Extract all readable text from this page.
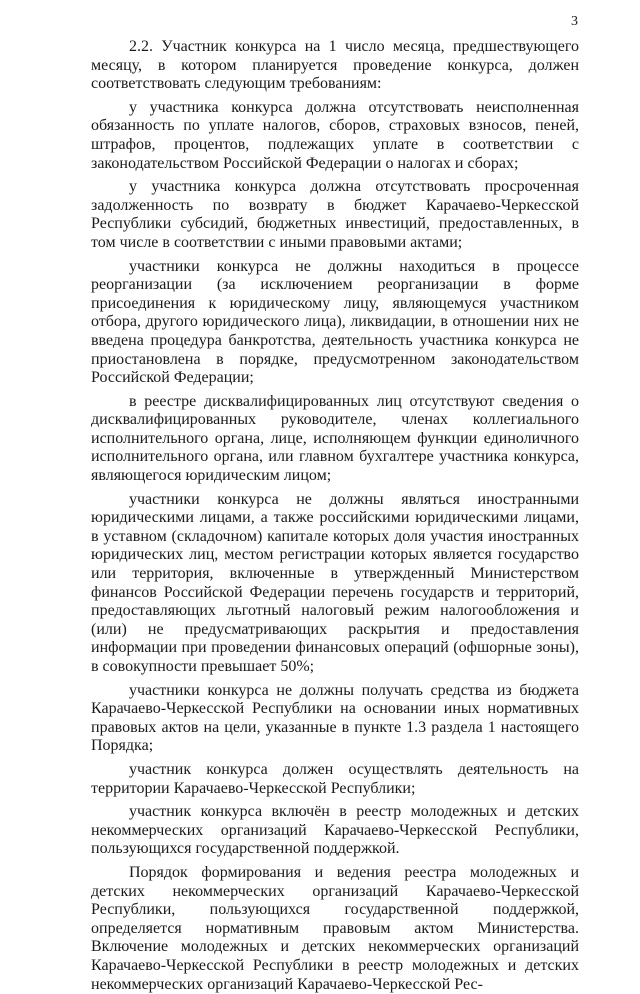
3

2.2. Участник конкурса на 1 число месяца, предшествующего месяцу, в котором планируется проведение конкурса, должен соответствовать следующим требованиям:

у участника конкурса должна отсутствовать неисполненная обязанность по уплате налогов, сборов, страховых взносов, пеней, штрафов, процентов, подлежащих уплате в соответствии с законодательством Российской Федерации о налогах и сборах;

у участника конкурса должна отсутствовать просроченная задолженность по возврату в бюджет Карачаево-Черкесской Республики субсидий, бюджетных инвестиций, предоставленных, в том числе в соответствии с иными правовыми актами;

участники конкурса не должны находиться в процессе реорганизации (за исключением реорганизации в форме присоединения к юридическому лицу, являющемуся участником отбора, другого юридического лица), ликвидации, в отношении них не введена процедура банкротства, деятельность участника конкурса не приостановлена в порядке, предусмотренном законодательством Российской Федерации;

в реестре дисквалифицированных лиц отсутствуют сведения о дисквалифицированных руководителе, членах коллегиального исполнительного органа, лице, исполняющем функции единоличного исполнительного органа, или главном бухгалтере участника конкурса, являющегося юридическим лицом;

участники конкурса не должны являться иностранными юридическими лицами, а также российскими юридическими лицами, в уставном (складочном) капитале которых доля участия иностранных юридических лиц, местом регистрации которых является государство или территория, включенные в утвержденный Министерством финансов Российской Федерации перечень государств и территорий, предоставляющих льготный налоговый режим налогообложения и (или) не предусматривающих раскрытия и предоставления информации при проведении финансовых операций (офшорные зоны), в совокупности превышает 50%;

участники конкурса не должны получать средства из бюджета Карачаево-Черкесской Республики на основании иных нормативных правовых актов на цели, указанные в пункте 1.3 раздела 1 настоящего Порядка;

участник конкурса должен осуществлять деятельность на территории Карачаево-Черкесской Республики;

участник конкурса включён в реестр молодежных и детских некоммерческих организаций Карачаево-Черкесской Республики, пользующихся государственной поддержкой.

Порядок формирования и ведения реестра молодежных и детских некоммерческих организаций Карачаево-Черкесской Республики, пользующихся государственной поддержкой, определяется нормативным правовым актом Министерства. Включение молодежных и детских некоммерческих организаций Карачаево-Черкесской Республики в реестр молодежных и детских некоммерческих организаций Карачаево-Черкесской Рес-
